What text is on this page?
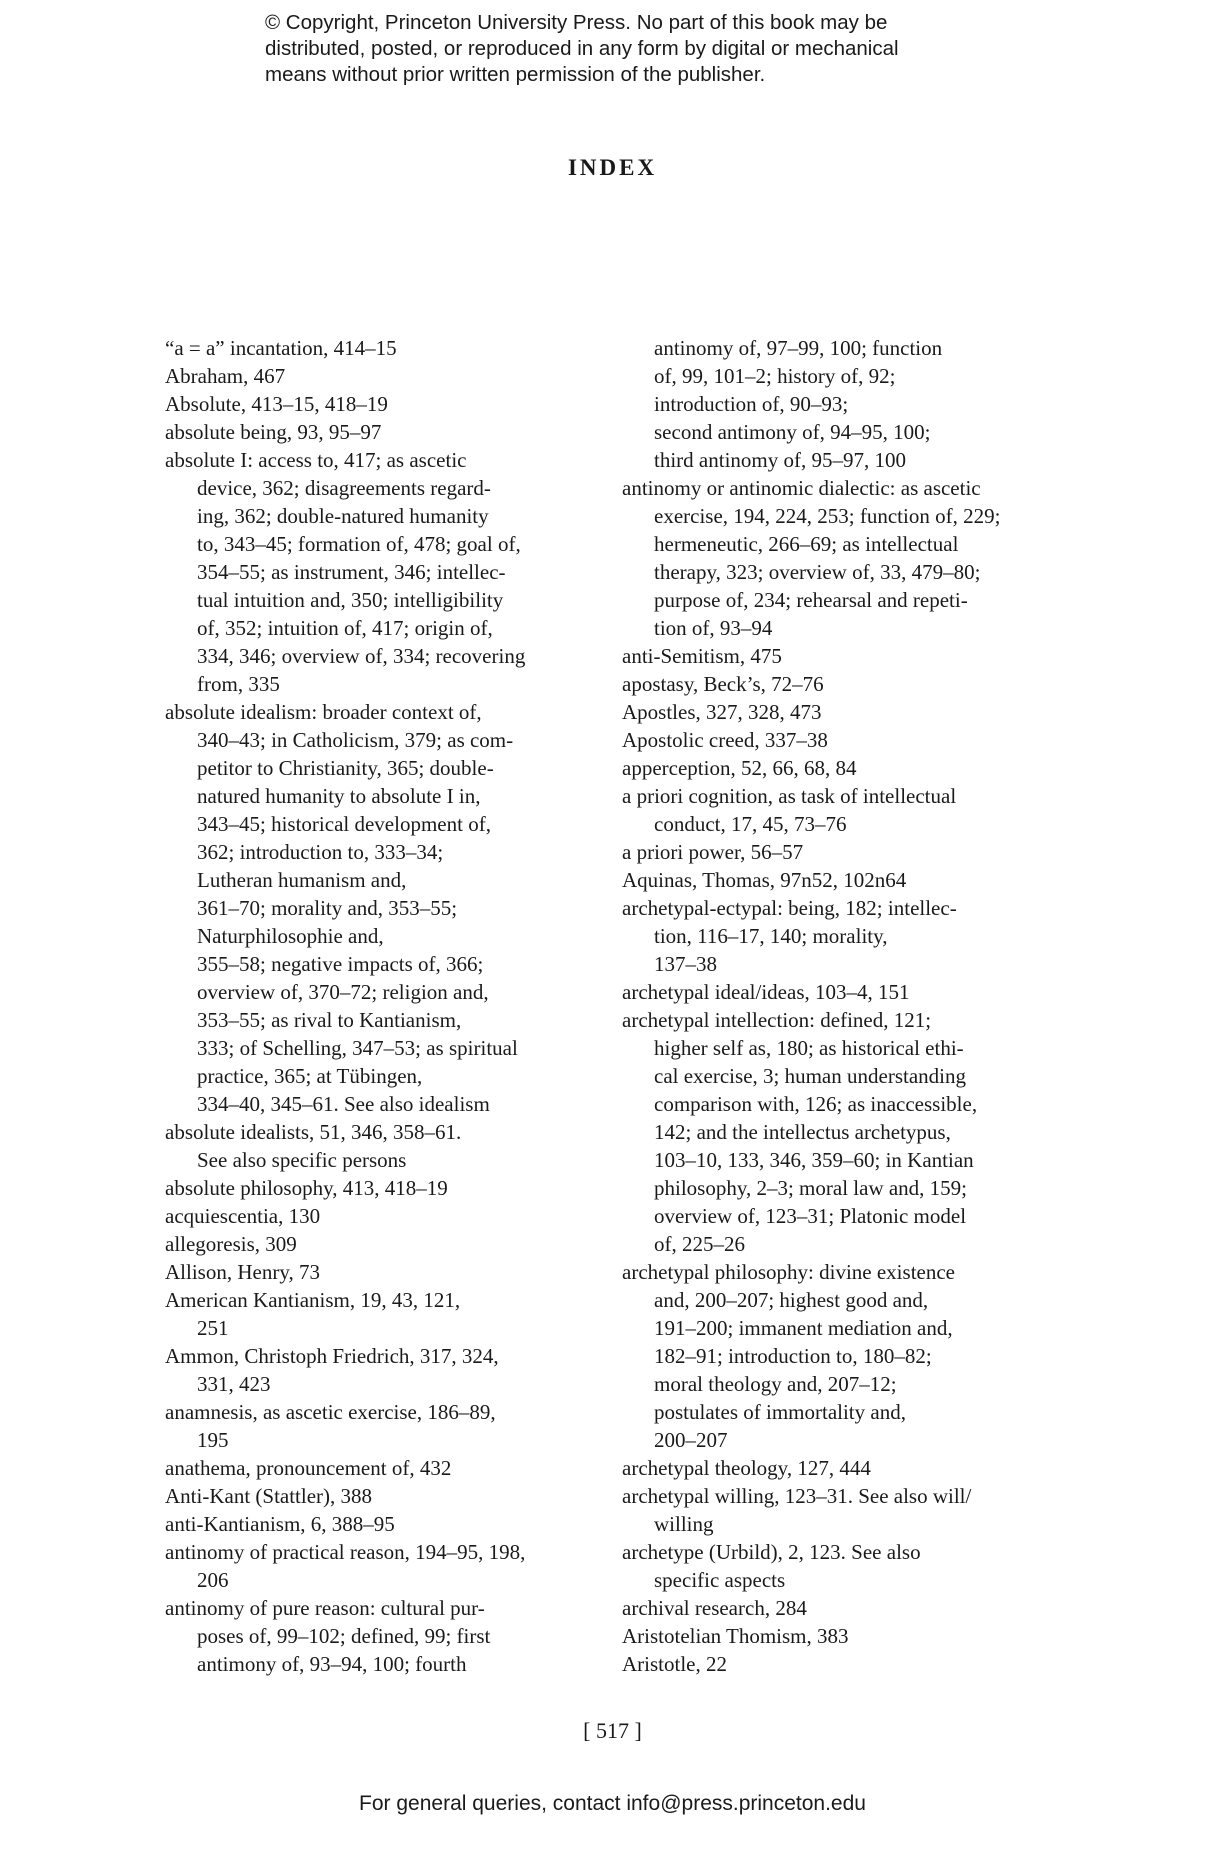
© Copyright, Princeton University Press. No part of this book may be
distributed, posted, or reproduced in any form by digital or mechanical
means without prior written permission of the publisher.
INDEX
“a = a” incantation, 414–15
Abraham, 467
Absolute, 413–15, 418–19
absolute being, 93, 95–97
absolute I: access to, 417; as ascetic
device, 362; disagreements regard-
ing, 362; double-natured humanity
to, 343–45; formation of, 478; goal of,
354–55; as instrument, 346; intellec-
tual intuition and, 350; intelligibility
of, 352; intuition of, 417; origin of,
334, 346; overview of, 334; recovering
from, 335
absolute idealism: broader context of,
340–43; in Catholicism, 379; as com-
petitor to Christianity, 365; double-
natured humanity to absolute I in,
343–45; historical development of,
362; introduction to, 333–34;
Lutheran humanism and,
361–70; morality and, 353–55;
Naturphilosophie and,
355–58; negative impacts of, 366;
overview of, 370–72; religion and,
353–55; as rival to Kantianism,
333; of Schelling, 347–53; as spiritual
practice, 365; at Tübingen,
334–40, 345–61. See also idealism
absolute idealists, 51, 346, 358–61.
See also specific persons
absolute philosophy, 413, 418–19
acquiescentia, 130
allegoresis, 309
Allison, Henry, 73
American Kantianism, 19, 43, 121,
251
Ammon, Christoph Friedrich, 317, 324,
331, 423
anamnesis, as ascetic exercise, 186–89,
195
anathema, pronouncement of, 432
Anti-Kant (Stattler), 388
anti-Kantianism, 6, 388–95
antinomy of practical reason, 194–95, 198,
206
antinomy of pure reason: cultural pur-
poses of, 99–102; defined, 99; first
antimony of, 93–94, 100; fourth
antinomy of, 97–99, 100; function
of, 99, 101–2; history of, 92;
introduction of, 90–93;
second antimony of, 94–95, 100;
third antinomy of, 95–97, 100
antinomy or antinomic dialectic: as ascetic
exercise, 194, 224, 253; function of, 229;
hermeneutic, 266–69; as intellectual
therapy, 323; overview of, 33, 479–80;
purpose of, 234; rehearsal and repeti-
tion of, 93–94
anti-Semitism, 475
apostasy, Beck’s, 72–76
Apostles, 327, 328, 473
Apostolic creed, 337–38
apperception, 52, 66, 68, 84
a priori cognition, as task of intellectual
conduct, 17, 45, 73–76
a priori power, 56–57
Aquinas, Thomas, 97n52, 102n64
archetypal-ectypal: being, 182; intellec-
tion, 116–17, 140; morality,
137–38
archetypal ideal/ideas, 103–4, 151
archetypal intellection: defined, 121;
higher self as, 180; as historical ethi-
cal exercise, 3; human understanding
comparison with, 126; as inaccessible,
142; and the intellectus archetypus,
103–10, 133, 346, 359–60; in Kantian
philosophy, 2–3; moral law and, 159;
overview of, 123–31; Platonic model
of, 225–26
archetypal philosophy: divine existence
and, 200–207; highest good and,
191–200; immanent mediation and,
182–91; introduction to, 180–82;
moral theology and, 207–12;
postulates of immortality and,
200–207
archetypal theology, 127, 444
archetypal willing, 123–31. See also will/
willing
archetype (Urbild), 2, 123. See also
specific aspects
archival research, 284
Aristotelian Thomism, 383
Aristotle, 22
[ 517 ]
For general queries, contact info@press.princeton.edu
